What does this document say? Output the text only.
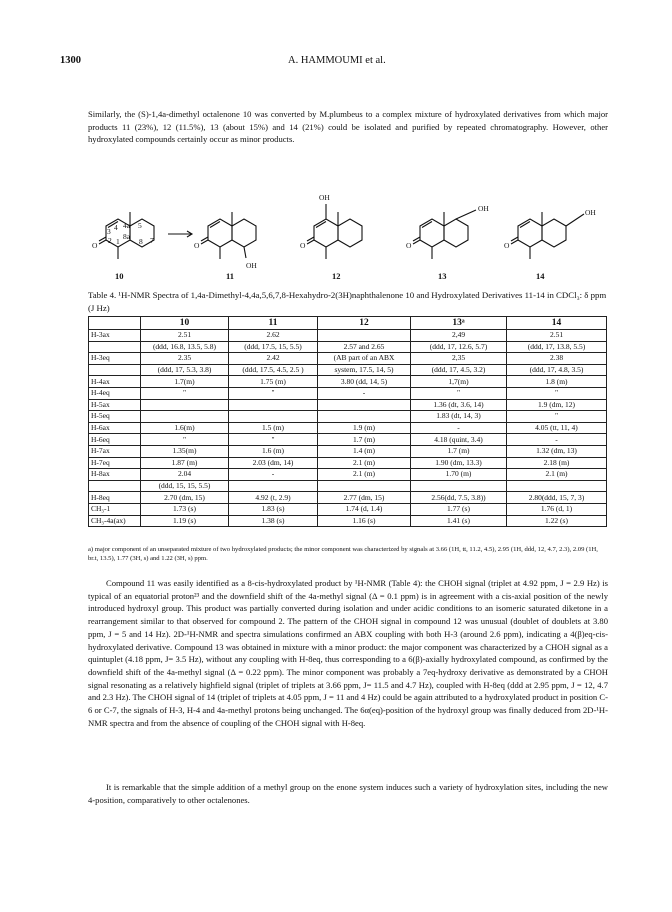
1300	A. HAMMOUMI et al.

Similarly, the (S)-1,4a-dimethyl octalenone 10 was converted by M.plumbeus to a complex mixture of hydroxylated derivatives from which major products 11 (23%), 12 (11.5%), 13 (about 15%) and 14 (21%) could be isolated and purified by repeated chromatography. However, other hydroxylated compounds certainly occur as minor products.

4 4a 5
3
2 1
8a
8 7
O	O
OH
O
OH
O
OH
O
OH
10	11	12	13	14
Table 4. ¹H-NMR Spectra of 1,4a-Dimethyl-4,4a,5,6,7,8-Hexahydro-2(3H)naphthalenone 10 and Hydroxylated Derivatives 11-14 in CDCl₃: δ ppm (J Hz)
	10	11	12	13ᵃ	14
H-3ax	2.51	2.62		2,49	2.51
	(ddd, 16.8, 13.5, 5.8)	(ddd, 17.5, 15, 5.5)	2.57 and 2.65	(ddd, 17, 12.6, 5.7)	(ddd, 17, 13.8, 5.5)
H-3eq	2.35	2.42	(AB part of an ABX	2,35	2.38
	(ddd, 17, 5.3, 3.8)	(ddd, 17.5, 4.5, 2.5 )	system, 17.5, 14, 5)	(ddd, 17, 4.5, 3.2)	(ddd, 17, 4.8, 3.5)
H-4ax	1.7(m)	1.75 (m)	3.80 (dd, 14, 5)	1,7(m)	1.8 (m)
H-4eq	"	"	-	"	"
H-5ax				1.36 (dt, 3.6, 14)	1.9 (dm, 12)
H-5eq				1.83 (dt, 14, 3)	"
H-6ax	1.6(m)	1.5 (m)	1.9 (m)	-	4.05 (tt, 11, 4)
H-6eq	"	"	1.7 (m)	4.18 (quint, 3.4)	-
H-7ax	1.35(m)	1.6 (m)	1.4 (m)	1.7 (m)	1.32 (dm, 13)
H-7eq	1.87 (m)	2.03 (dm, 14)	2.1 (m)	1.90 (dm, 13.3)	2.18 (m)
H-8ax	2.04	-	2.1 (m)	1.70 (m)	2.1 (m)
	(ddd, 15, 15, 5.5)				
H-8eq	2.70 (dm, 15)	4.92 (t, 2.9)	2.77 (dm, 15)	2.56(dd, 7.5, 3.8))	2.80(ddd, 15, 7, 3)
CH₃-1	1.73 (s)	1.83 (s)	1.74 (d, 1.4)	1.77 (s)	1.76 (d, 1)
CH₃-4a(ax)	1.19 (s)	1.38 (s)	1.16 (s)	1.41 (s)	1.22 (s)
a) major component of an unseparated mixture of two hydroxylated products; the minor component was characterized by signals at 3.66 (1H, tt, 11.2, 4.5), 2.95 (1H, ddd, 12, 4.7, 2.3), 2.09 (1H, br.t, 13.5), 1.77 (3H, s) and 1.22 (3H, s) ppm.

Compound 11 was easily identified as a 8-cis-hydroxylated product by ¹H-NMR (Table 4): the CHOH signal (triplet at 4.92 ppm, J = 2.9 Hz) is typical of an equatorial proton²³ and the downfield shift of the 4a-methyl signal (Δ = 0.1 ppm) is in agreement with a cis-axial position of the newly introduced hydroxyl group. This product was partially converted during isolation and under acidic conditions to an isomeric saturated diketone in a rearrangement similar to that observed for compound 2. The pattern of the CHOH signal in compound 12 was unusual (doublet of doublets at 3.80 ppm, J = 5 and 14 Hz). 2D-¹H-NMR and spectra simulations confirmed an ABX coupling with both H-3 (around 2.6 ppm), indicating a 4(β)eq-cis-hydroxylated derivative. Compound 13 was obtained in mixture with a minor product: the major component was characterized by a CHOH signal as a quintuplet (4.18 ppm, J= 3.5 Hz), without any coupling with H-8eq, thus corresponding to a 6(β)-axially hydroxylated compound, as confirmed by the downfield shift of the 4a-methyl signal (Δ = 0.22 ppm). The minor component was probably a 7eq-hydroxy derivative as demonstrated by a CHOH signal resonating as a relatively highfield signal (triplet of triplets at 3.66 ppm, J= 11.5 and 4.7 Hz), coupled with H-8eq (ddd at 2.95 ppm, J = 12, 4.7 and 2.3 Hz). The CHOH signal of 14 (triplet of triplets at 4.05 ppm, J = 11 and 4 Hz) could be again attributed to a hydroxylated product in position C-6 or C-7, the signals of H-3, H-4 and 4a-methyl protons being unchanged. The 6α(eq)-position of the hydroxyl group was finally deduced from 2D-¹H-NMR spectra and from the absence of coupling of the CHOH signal with H-8eq.

It is remarkable that the simple addition of a methyl group on the enone system induces such a variety of hydroxylation sites, including the new 4-position, comparatively to other octalenones.
